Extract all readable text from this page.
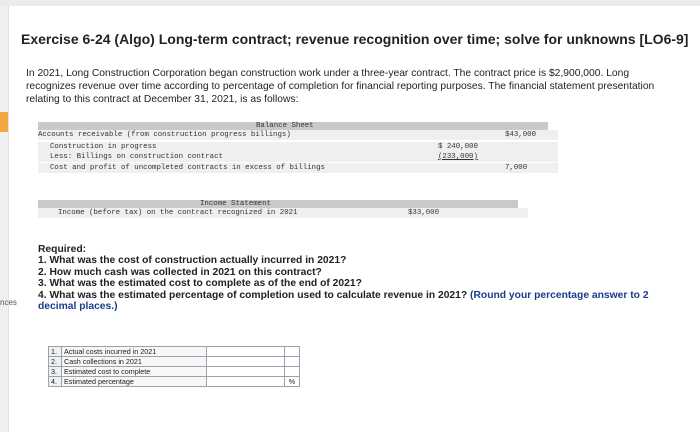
nces
Exercise 6-24 (Algo) Long-term contract; revenue recognition over time; solve for unknowns [LO6-9]
In 2021, Long Construction Corporation began construction work under a three-year contract. The contract price is $2,900,000. Long recognizes revenue over time according to percentage of completion for financial reporting purposes. The financial statement presentation relating to this contract at December 31, 2021, is as follows:
Balance Sheet
Accounts receivable (from construction progress billings)	$43,000
Construction in progress	$ 240,000
Less: Billings on construction contract	(233,000)
Cost and profit of uncompleted contracts in excess of billings	7,000
Income Statement
Income (before tax) on the contract recognized in 2021	$33,000
Required:
1. What was the cost of construction actually incurred in 2021?
2. How much cash was collected in 2021 on this contract?
3. What was the estimated cost to complete as of the end of 2021?
4. What was the estimated percentage of completion used to calculate revenue in 2021? (Round your percentage answer to 2 decimal places.)
1.	Actual costs incurred in 2021	

2.	Cash collections in 2021	

3.	Estimated cost to complete	

4.	Estimated percentage		%
